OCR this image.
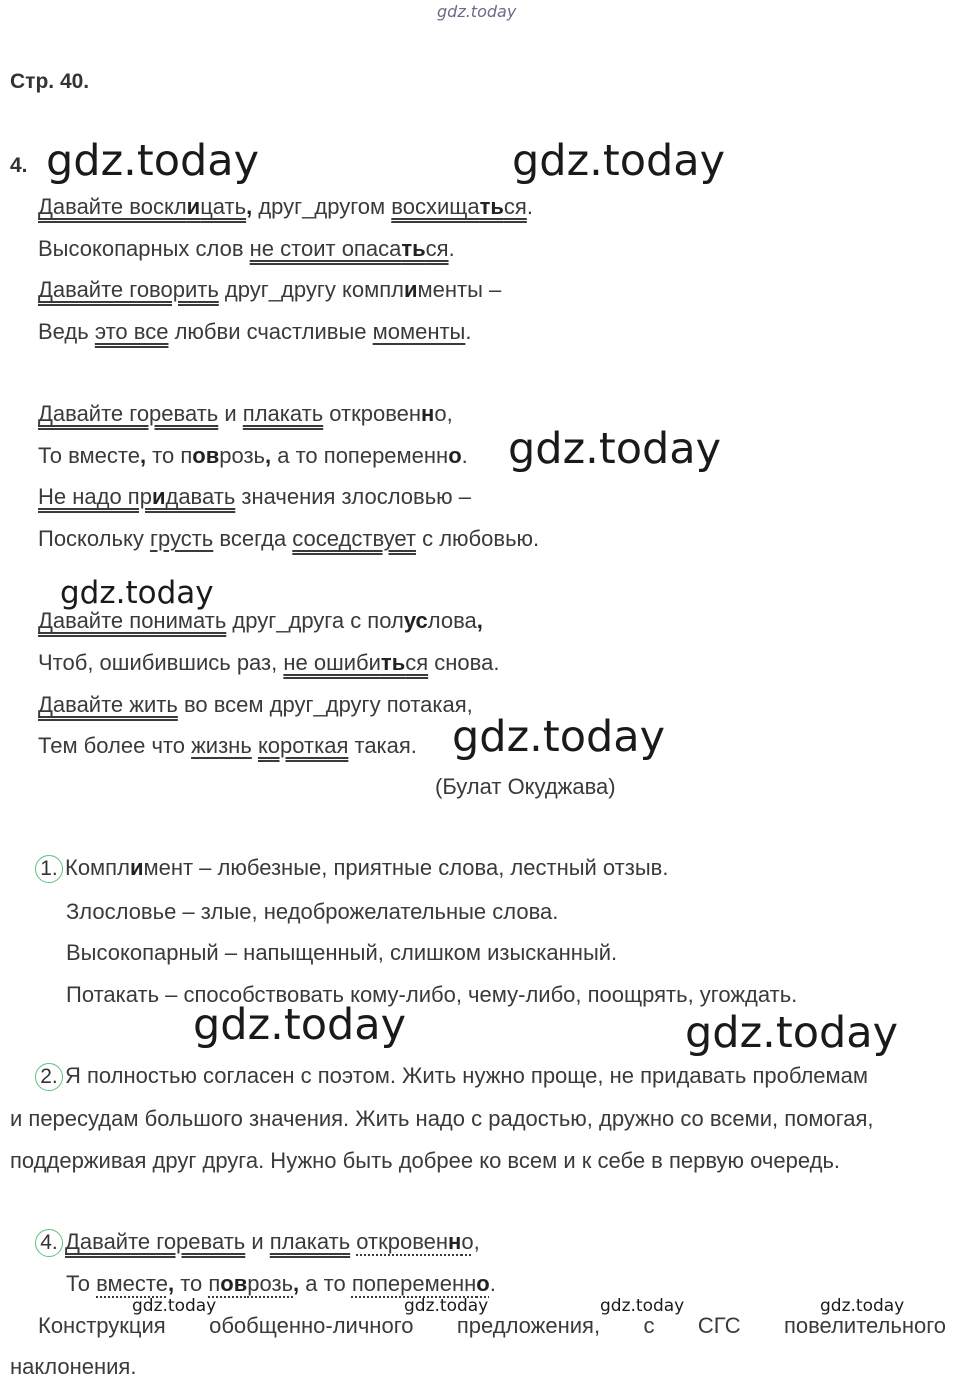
gdz.today
gdz.today	gdz.today
gdz.today
gdz.today
gdz.today
gdz.today	gdz.today
gdz.today	gdz.today	gdz.today	gdz.today
Стр. 40.
4.
Давайте восклицать, друг_другом восхищаться.
Высокопарных слов не стоит опасаться.
Давайте говорить друг_другу комплименты –
Ведь это все любви счастливые моменты.
Давайте горевать и плакать откровенно,
То вместе, то поврозь, а то попеременно.
Не надо придавать значения злословью –
Поскольку грусть всегда соседствует с любовью.
Давайте понимать друг_друга с полуслова,
Чтоб, ошибившись раз, не ошибиться снова.
Давайте жить во всем друг_другу потакая,
Тем более что жизнь короткая такая.
(Булат Окуджава)
1. Комплимент – любезные, приятные слова, лестный отзыв.
Злословье – злые, недоброжелательные слова.
Высокопарный – напыщенный, слишком изысканный.
Потакать – способствовать кому-либо, чему-либо, поощрять, угождать.
2. Я полностью согласен с поэтом. Жить нужно проще, не придавать проблемам
и пересудам большого значения. Жить надо с радостью, дружно со всеми, помогая,
поддерживая друг друга. Нужно быть добрее ко всем и к себе в первую очередь.
4. Давайте горевать и плакать откровенно,
То вместе, то поврозь, а то попеременно.
Конструкция обобщенно-личного предложения, с СГС повелительного
наклонения.
